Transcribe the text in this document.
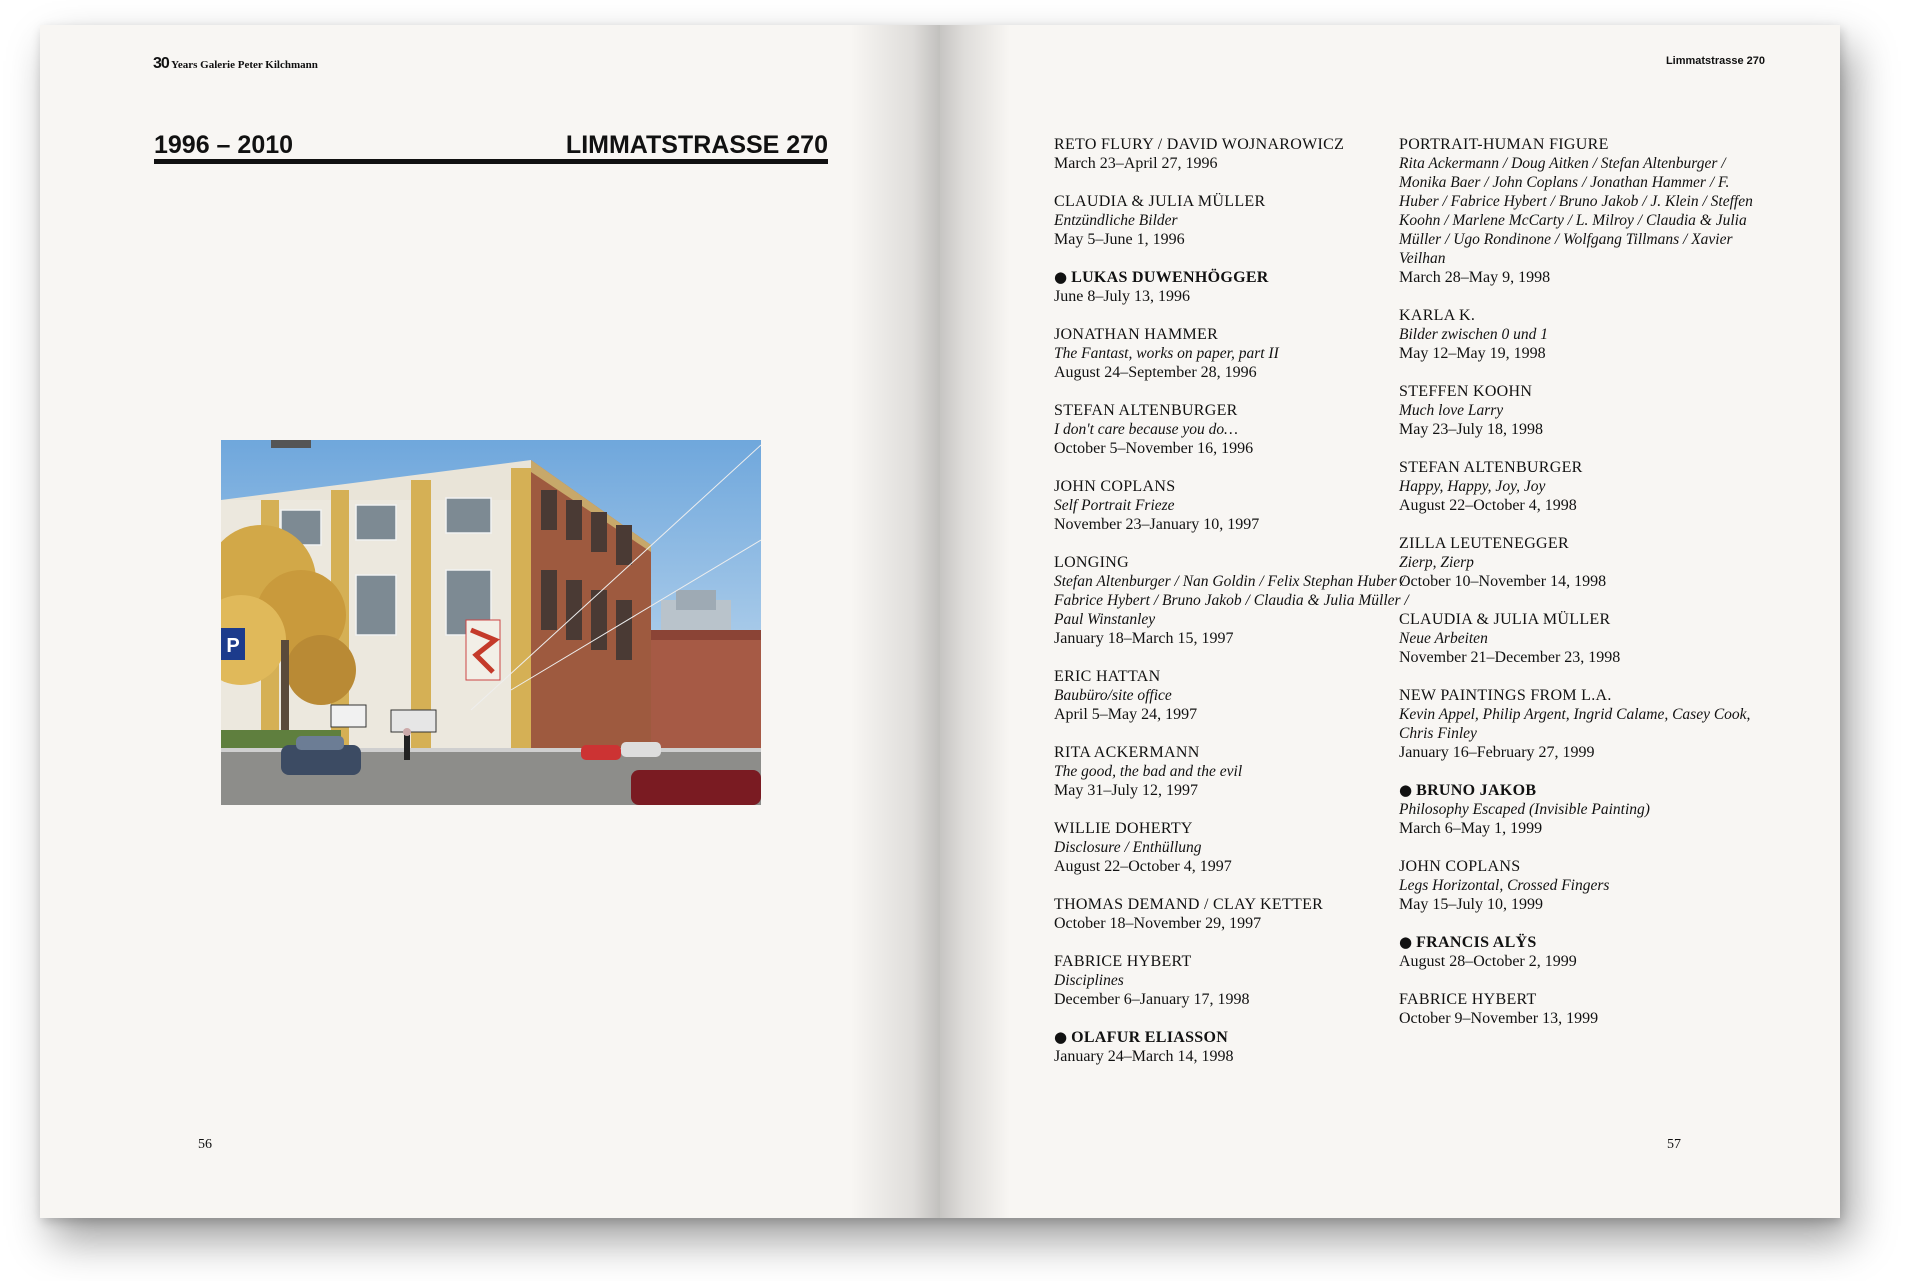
30 Years Galerie Peter Kilchmann
1996 – 2010	LIMMATSTRASSE 270
P
56
Limmatstrasse 270
RETO FLURY / DAVID WOJNAROWICZ
March 23–April 27, 1996
CLAUDIA & JULIA MÜLLER
Entzündliche Bilder
May 5–June 1, 1996
● LUKAS DUWENHÖGGER
June 8–July 13, 1996
JONATHAN HAMMER
The Fantast, works on paper, part II
August 24–September 28, 1996
STEFAN ALTENBURGER
I don't care because you do…
October 5–November 16, 1996
JOHN COPLANS
Self Portrait Frieze
November 23–January 10, 1997
LONGING
Stefan Altenburger / Nan Goldin / Felix Stephan Huber / Fabrice Hybert / Bruno Jakob / Claudia & Julia Müller / Paul Winstanley
January 18–March 15, 1997
ERIC HATTAN
Baubüro/site office
April 5–May 24, 1997
RITA ACKERMANN
The good, the bad and the evil
May 31–July 12, 1997
WILLIE DOHERTY
Disclosure / Enthüllung
August 22–October 4, 1997
THOMAS DEMAND / CLAY KETTER
October 18–November 29, 1997
FABRICE HYBERT
Disciplines
December 6–January 17, 1998
● OLAFUR ELIASSON
January 24–March 14, 1998
PORTRAIT-HUMAN FIGURE
Rita Ackermann / Doug Aitken / Stefan Altenburger / Monika Baer / John Coplans / Jonathan Hammer / F. Huber / Fabrice Hybert / Bruno Jakob / J. Klein / Steffen Koohn / Marlene McCarty / L. Milroy / Claudia & Julia Müller / Ugo Rondinone / Wolfgang Tillmans / Xavier Veilhan
March 28–May 9, 1998
KARLA K.
Bilder zwischen 0 und 1
May 12–May 19, 1998
STEFFEN KOOHN
Much love Larry
May 23–July 18, 1998
STEFAN ALTENBURGER
Happy, Happy, Joy, Joy
August 22–October 4, 1998
ZILLA LEUTENEGGER
Zierp, Zierp
October 10–November 14, 1998
CLAUDIA & JULIA MÜLLER
Neue Arbeiten
November 21–December 23, 1998
NEW PAINTINGS FROM L.A.
Kevin Appel, Philip Argent, Ingrid Calame, Casey Cook, Chris Finley
January 16–February 27, 1999
● BRUNO JAKOB
Philosophy Escaped (Invisible Painting)
March 6–May 1, 1999
JOHN COPLANS
Legs Horizontal, Crossed Fingers
May 15–July 10, 1999
● FRANCIS ALŸS
August 28–October 2, 1999
FABRICE HYBERT
October 9–November 13, 1999
57
